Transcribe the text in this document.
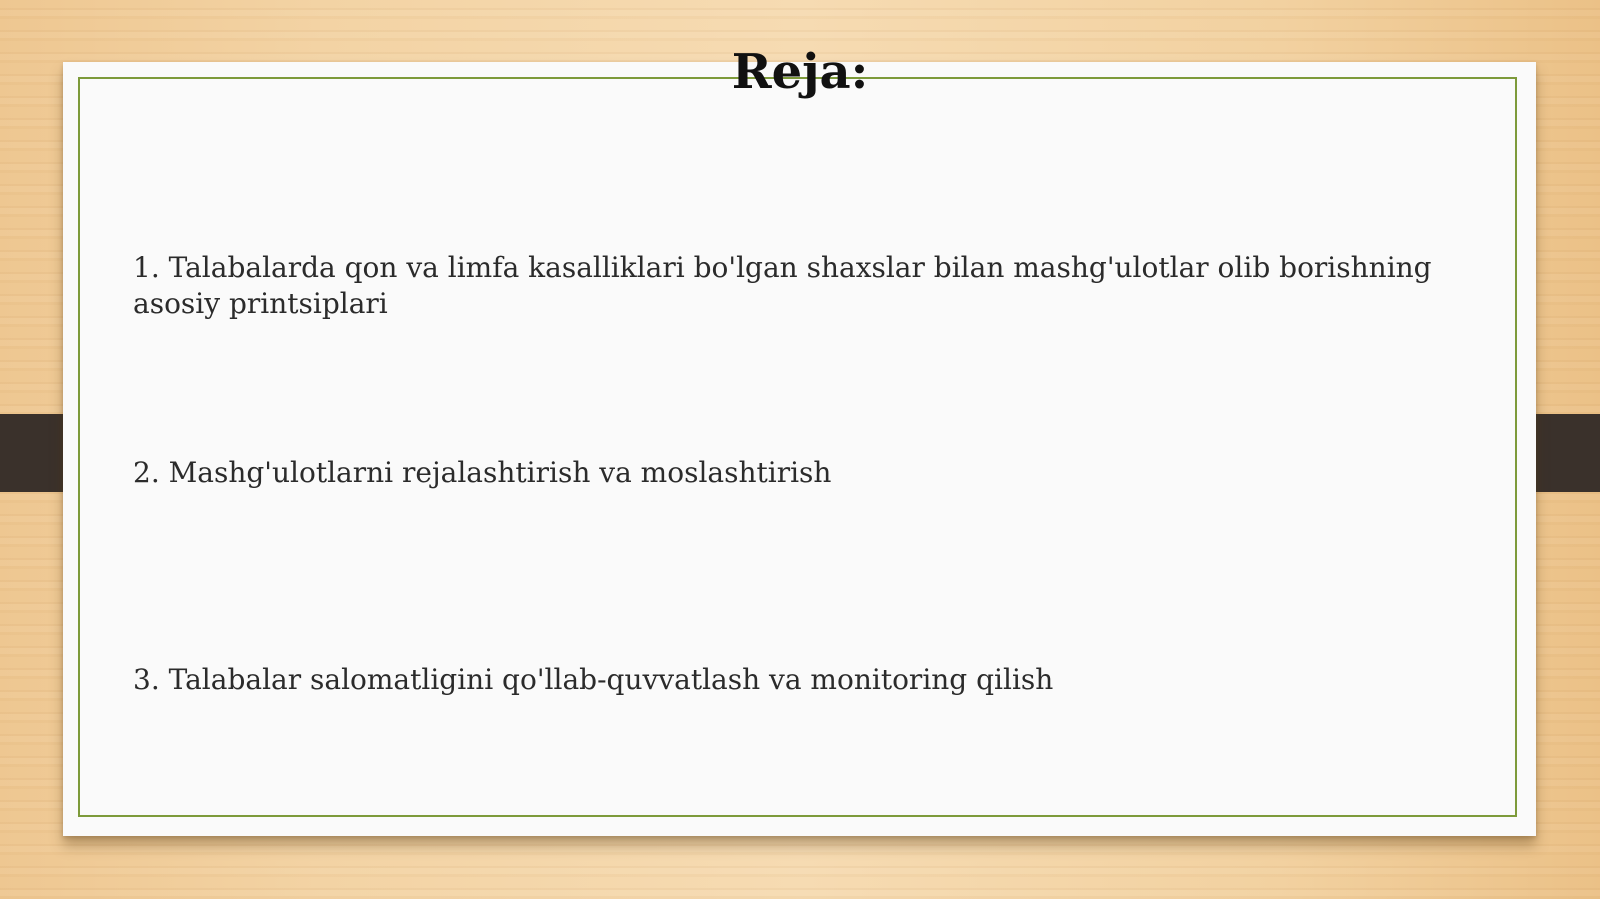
Reja:
1. Talabalarda qon va limfa kasalliklari bo'lgan shaxslar bilan mashg'ulotlar olib borishning asosiy printsiplari
2. Mashg'ulotlarni rejalashtirish va moslashtirish
3. Talabalar salomatligini qo'llab-quvvatlash va monitoring qilish
